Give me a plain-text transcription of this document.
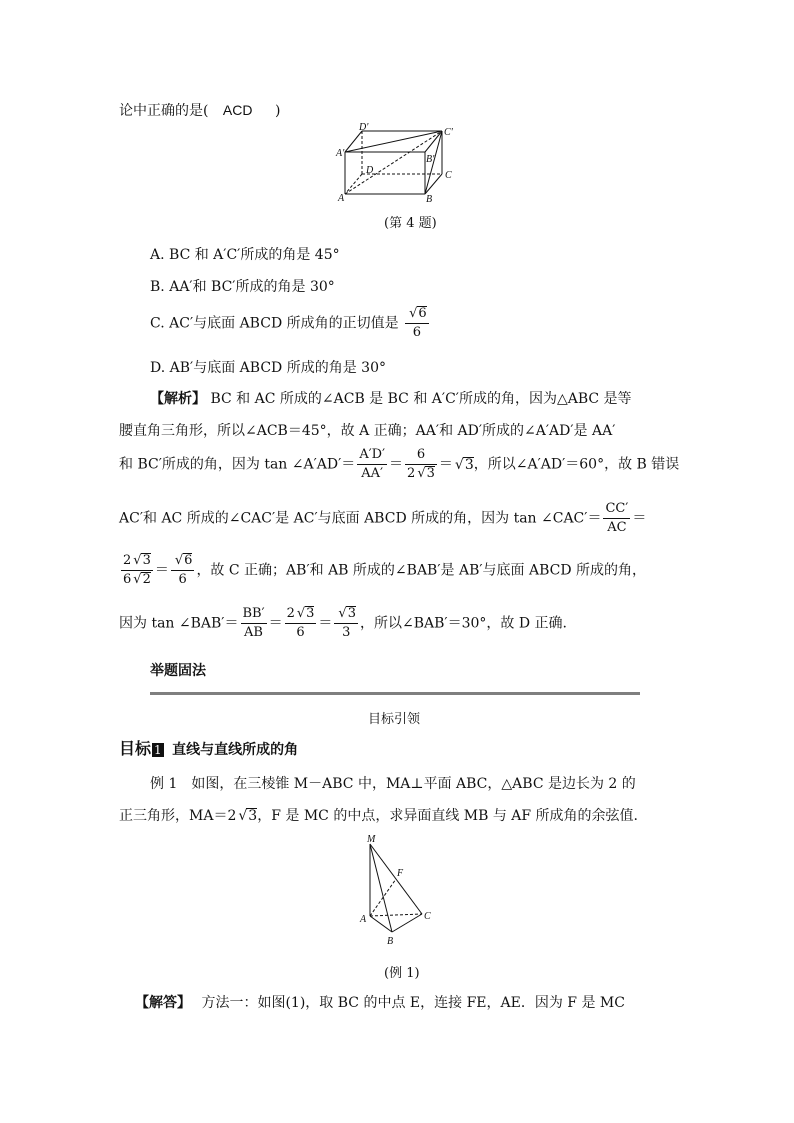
论中正确的是( ACD )
D'	C'
A'
B'
D	C
A	B
(第 4 题)
A. BC 和 A′C′所成的角是 45°
B. AA′和 BC′所成的角是 30°
C. AC′与底面 ABCD 所成角的正切值是 √ $\frac{6}{6}$
D. AB′与底面 ABCD 所成的角是 30°
【解析】 BC 和 AC 所成的∠ACB 是 BC 和 A′C′所成的角，因为△ABC 是等
腰直角三角形，所以∠ACB＝45°，故 A 正确；AA′和 AD′所成的∠A′AD′是 AA′
和 BC′所成的角，因为 tan ∠A′AD′＝ $\frac{A'D'}{AA'} = \frac{6}{2 √ 3}$ ＝ √ 3，所以∠A′AD′＝60°，故 B 错误
AC′和 AC 所成的∠CAC′是 AC′与底面 ABCD 所成的角，因为 tan ∠CAC′＝ $\frac{CC'}{AC}$ ＝
$\frac{2 √ 3}{6 √ 2}$ ＝ √ $\frac{6}{6}$ ，故 C 正确；AB′和 AB 所成的∠BAB′是 AB′与底面 ABCD 所成的角，
因为 tan ∠BAB′＝ $\frac{BB'}{AB} = \frac{2 √ 3}{6}$ ＝ √ $\frac{3}{3}$ ，所以∠BAB′＝30°，故 D 正确.
举题固法
目标引领
目标 1 直线与直线所成的角
例 1　如图，在三棱锥 M－ABC 中，MA⊥平面 ABC，△ABC 是边长为 2 的
正三角形，MA＝2 √ 3，F 是 MC 的中点，求异面直线 MB 与 AF 所成角的余弦值.
M
F
A	C
B
(例 1)
【解答】 方法一：如图(1)，取 BC 的中点 E，连接 FE，AE．因为 F 是 MC
